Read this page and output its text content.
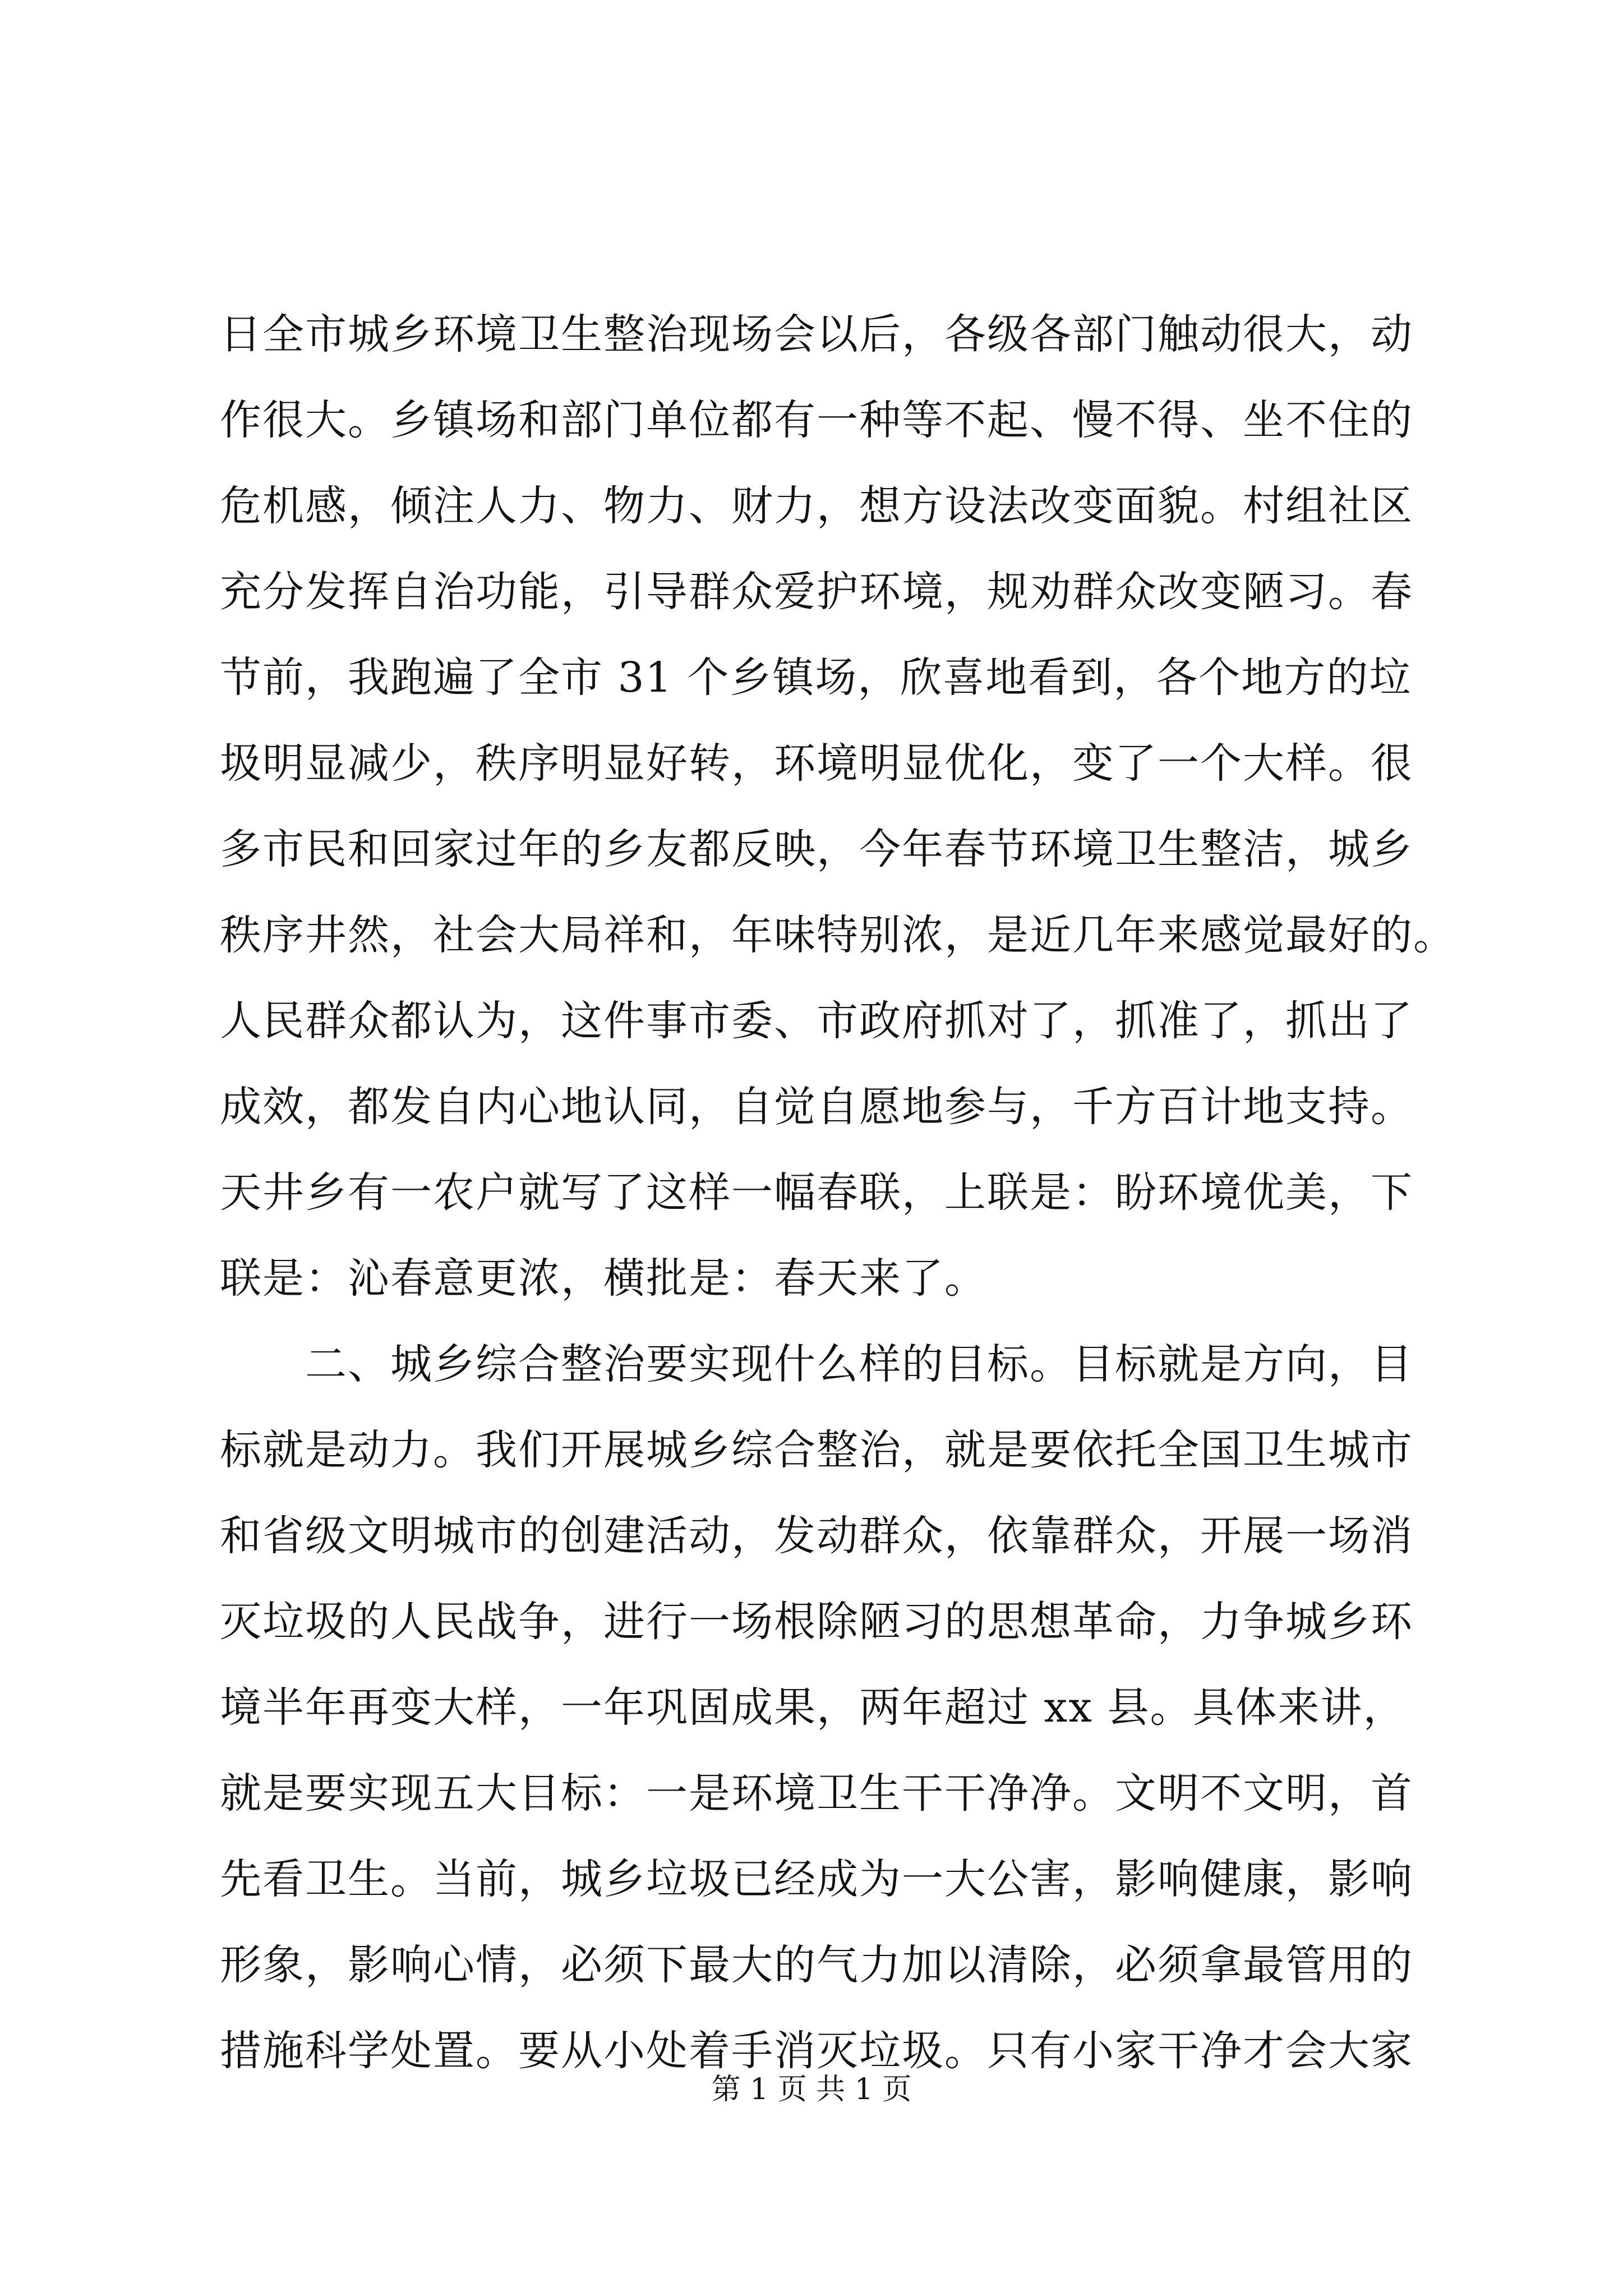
日全市城乡环境卫生整治现场会以后，各级各部门触动很大，动
作很大。乡镇场和部门单位都有一种等不起、慢不得、坐不住的
危机感，倾注人力、物力、财力，想方设法改变面貌。村组社区
充分发挥自治功能，引导群众爱护环境，规劝群众改变陋习。春
节前，我跑遍了全市 31 个乡镇场，欣喜地看到，各个地方的垃
圾明显减少，秩序明显好转，环境明显优化，变了一个大样。很
多市民和回家过年的乡友都反映，今年春节环境卫生整洁，城乡
秩序井然，社会大局祥和，年味特别浓，是近几年来感觉最好的。
人民群众都认为，这件事市委、市政府抓对了，抓准了，抓出了
成效，都发自内心地认同，自觉自愿地参与，千方百计地支持。
天井乡有一农户就写了这样一幅春联，上联是：盼环境优美，下
联是：沁春意更浓，横批是：春天来了。
　　二、城乡综合整治要实现什么样的目标。目标就是方向，目
标就是动力。我们开展城乡综合整治，就是要依托全国卫生城市
和省级文明城市的创建活动，发动群众，依靠群众，开展一场消
灭垃圾的人民战争，进行一场根除陋习的思想革命，力争城乡环
境半年再变大样，一年巩固成果，两年超过 xx 县。具体来讲，
就是要实现五大目标：一是环境卫生干干净净。文明不文明，首
先看卫生。当前，城乡垃圾已经成为一大公害，影响健康，影响
形象，影响心情，必须下最大的气力加以清除，必须拿最管用的
措施科学处置。要从小处着手消灭垃圾。只有小家干净才会大家
第 1 页 共 1 页
